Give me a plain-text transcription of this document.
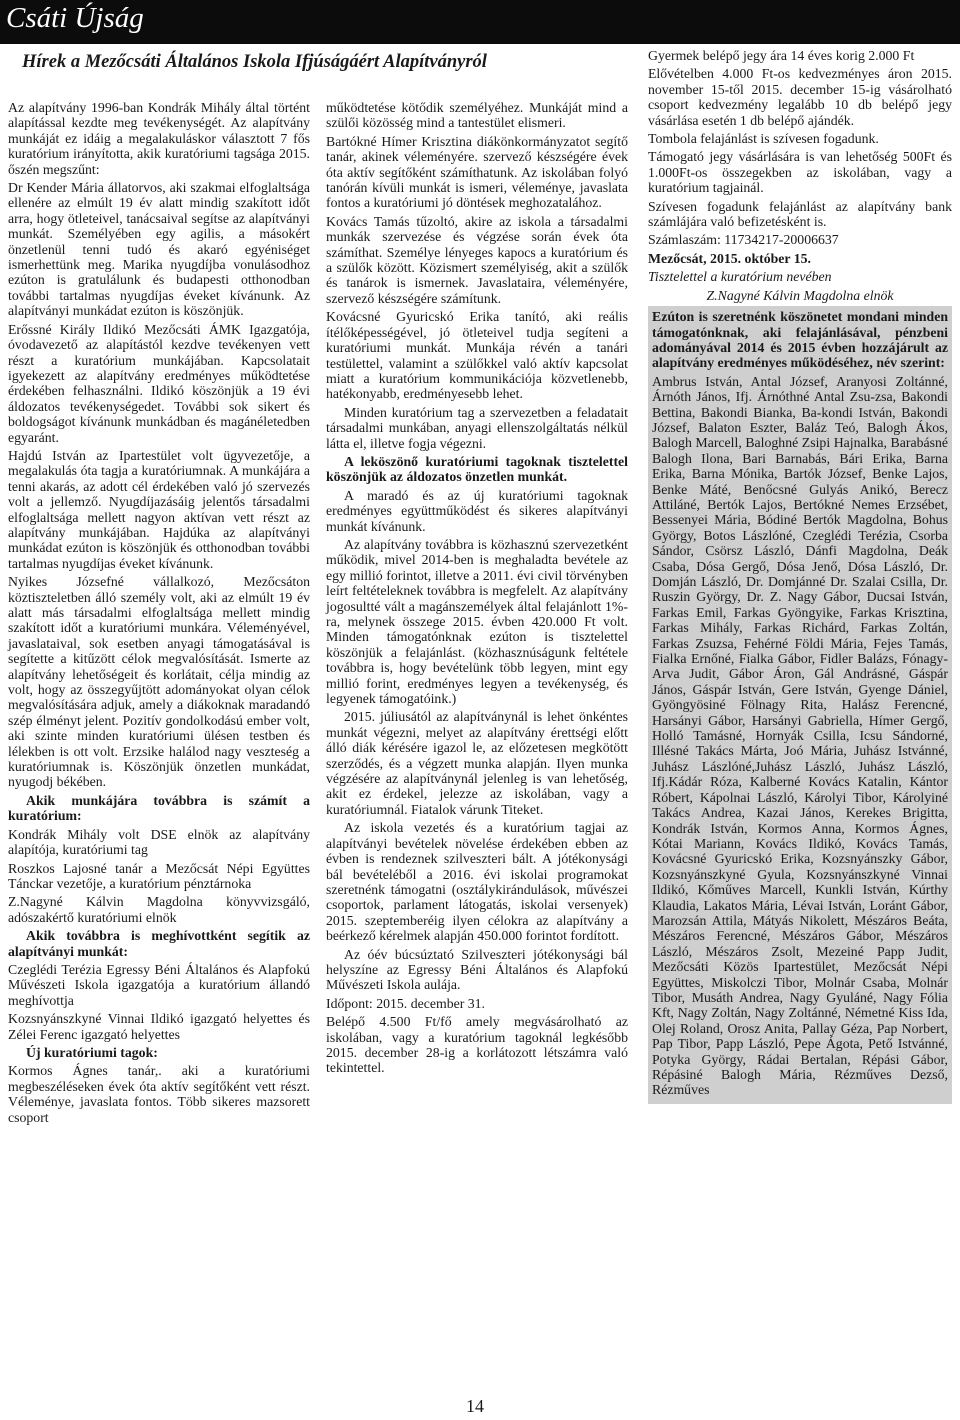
Csáti Újság
Hírek a Mezőcsáti Általános Iskola Ifjúságáért Alapítványról

Az alapítvány 1996-ban Kondrák Mihály által történt alapítással kezdte meg tevékenységét. Az alapítvány munkáját ez idáig a megalakuláskor választott 7 fős kuratórium irányította, akik kuratóriumi tagsága 2015. őszén megszűnt:

Dr Kender Mária állatorvos, aki szakmai elfoglaltsága ellenére az elmúlt 19 év alatt mindig szakított időt arra, hogy ötleteivel, tanácsaival segítse az alapítványi munkát. Személyében egy agilis, a másokért önzetlenül tenni tudó és akaró egyéniséget ismerhettünk meg. Marika nyugdíjba vonulásodhoz ezúton is gratulálunk és budapesti otthonodban további tartalmas nyugdíjas éveket kívánunk. Az alapítványi munkádat ezúton is köszönjük.

Erőssné Király Ildikó Mezőcsáti ÁMK Igazgatója, óvodavezető az alapítástól kezdve tevékenyen vett részt a kuratórium munkájában. Kapcsolatait igyekezett az alapítvány eredményes működtetése érdekében felhasználni. Ildikó köszönjük a 19 évi áldozatos tevékenységedet. További sok sikert és boldogságot kívánunk munkádban és magánéletedben egyaránt.

Hajdú István az Ipartestület volt ügyvezetője, a megalakulás óta tagja a kuratóriumnak. A munkájára a tenni akarás, az adott cél érdekében való jó szervezés volt a jellemző. Nyugdíjazásáig jelentős társadalmi elfoglaltsága mellett nagyon aktívan vett részt az alapítvány munkájában. Hajdúka az alapítványi munkádat ezúton is köszönjük és otthonodban további tartalmas nyugdíjas éveket kívánunk.

Nyikes Józsefné vállalkozó, Mezőcsáton köztiszteletben álló személy volt, aki az elmúlt 19 év alatt más társadalmi elfoglaltsága mellett mindig szakított időt a kuratóriumi munkára. Véleményével, javaslataival, sok esetben anyagi támogatásával is segítette a kitűzött célok megvalósítását. Ismerte az alapítvány lehetőségeit és korlátait, célja mindig az volt, hogy az összegyűjtött adományokat olyan célok megvalósítására adjuk, amely a diákoknak maradandó szép élményt jelent. Pozitív gondolkodású ember volt, aki szinte minden kuratóriumi ülésen testben és lélekben is ott volt. Erzsike halálod nagy veszteség a kuratóriumnak is. Köszönjük önzetlen munkádat, nyugodj békében.

Akik munkájára továbbra is számít a kuratórium:

Kondrák Mihály volt DSE elnök az alapítvány alapítója, kuratóriumi tag

Roszkos Lajosné tanár a Mezőcsát Népi Együttes Tánckar vezetője, a kuratórium pénztárnoka

Z.Nagyné Kálvin Magdolna könyvvizsgáló, adószakértő kuratóriumi elnök

Akik továbbra is meghívottként segítik az alapítványi munkát:

Czeglédi Terézia Egressy Béni Általános és Alapfokú Művészeti Iskola igazgatója a kuratórium állandó meghívottja

Kozsnyánszkyné Vinnai Ildikó igazgató helyettes és Zélei Ferenc igazgató helyettes

Új kuratóriumi tagok:

Kormos Ágnes tanár,. aki a kuratóriumi megbeszéléseken évek óta aktív segítőként vett részt. Véleménye, javaslata fontos. Több sikeres mazsorett csoport

működtetése kötődik személyéhez. Munkáját mind a szülői közösség mind a tantestület elismeri.

Bartókné Hímer Krisztina diákönkormányzatot segítő tanár, akinek véleményére. szervező készségére évek óta aktív segítőként számíthatunk. Az iskolában folyó tanórán kívüli munkát is ismeri, véleménye, javaslata fontos a kuratóriumi jó döntések meghozatalához.

Kovács Tamás tűzoltó, akire az iskola a társadalmi munkák szervezése és végzése során évek óta számíthat. Személye lényeges kapocs a kuratórium és a szülők között. Közismert személyiség, akit a szülők és tanárok is ismernek. Javaslataira, véleményére, szervező készségére számítunk.

Kovácsné Gyuricskó Erika tanító, aki reális ítélőképességével, jó ötleteivel tudja segíteni a kuratóriumi munkát. Munkája révén a tanári testülettel, valamint a szülőkkel való aktív kapcsolat miatt a kuratórium kommunikációja közvetlenebb, hatékonyabb, eredményesebb lehet.

Minden kuratórium tag a szervezetben a feladatait társadalmi munkában, anyagi ellenszolgáltatás nélkül látta el, illetve fogja végezni.

A leköszönő kuratóriumi tagoknak tisztelettel köszönjük az áldozatos önzetlen munkát.

A maradó és az új kuratóriumi tagoknak eredményes együttműködést és sikeres alapítványi munkát kívánunk.

Az alapítvány továbbra is közhasznú szervezetként működik, mivel 2014-ben is meghaladta bevétele az egy millió forintot, illetve a 2011. évi civil törvényben leírt feltételeknek továbbra is megfelelt. Az alapítvány jogosultté vált a magánszemélyek által felajánlott 1%-ra, melynek összege 2015. évben 420.000 Ft volt. Minden támogatónknak ezúton is tisztelettel köszönjük a felajánlást. (közhasznúságunk feltétele továbbra is, hogy bevételünk több legyen, mint egy millió forint, eredményes legyen a tevékenység, és legyenek támogatóink.)

2015. júliusától az alapítványnál is lehet önkéntes munkát végezni, melyet az alapítvány érettségi előtt álló diák kérésére igazol le, az előzetesen megkötött szerződés, és a végzett munka alapján. Ilyen munka végzésére az alapítványnál jelenleg is van lehetőség, akit ez érdekel, jelezze az iskolában, vagy a kuratóriumnál. Fiatalok várunk Titeket.

Az iskola vezetés és a kuratórium tagjai az alapítványi bevételek növelése érdekében ebben az évben is rendeznek szilveszteri bált. A jótékonysági bál bevételéből a 2016. évi iskolai programokat szeretnénk támogatni (osztálykirándulások, művészei csoportok, parlament látogatás, iskolai versenyek) 2015. szeptemberéig ilyen célokra az alapítvány a beérkező kérelmek alapján 450.000 forintot fordított.

Az óév búcsúztató Szilveszteri jótékonysági bál helyszíne az Egressy Béni Általános és Alapfokú Művészeti Iskola aulája.

Időpont: 2015. december 31.

Belépő 4.500 Ft/fő amely megvásárolható az iskolában, vagy a kuratórium tagoknál legkésőbb 2015. december 28-ig a korlátozott létszámra való tekintettel.

Gyermek belépő jegy ára 14 éves korig 2.000 Ft

Elővételben 4.000 Ft-os kedvezményes áron 2015. november 15-től 2015. december 15-ig vásárolható csoport kedvezmény legalább 10 db belépő jegy vásárlása esetén 1 db belépő ajándék.

Tombola felajánlást is szívesen fogadunk.

Támogató jegy vásárlására is van lehetőség 500Ft és 1.000Ft-os összegekben az iskolában, vagy a kuratórium tagjainál.

Szívesen fogadunk felajánlást az alapítvány bank számlájára való befizetésként is.

Számlaszám: 11734217-20006637

Mezőcsát, 2015. október 15.

Tisztelettel a kuratórium nevében

Z.Nagyné Kálvin Magdolna elnök

Ezúton is szeretnénk köszönetet mondani minden támogatónknak, aki felajánlásával, pénzbeni adományával 2014 és 2015 évben hozzájárult az alapítvány eredményes működéséhez, név szerint:

Ambrus István, Antal József, Aranyosi Zoltánné, Árnóth János, Ifj. Árnóthné Antal Zsu-zsa, Bakondi Bettina, Bakondi Bianka, Ba-kondi István, Bakondi József, Balaton Eszter, Baláz Teó, Balogh Ákos, Balogh Marcell, Baloghné Zsipi Hajnalka, Barabásné Balogh Ilona, Bari Barnabás, Bári Erika, Barna Erika, Barna Mónika, Bartók József, Benke Lajos, Benke Máté, Benőcsné Gulyás Anikó, Berecz Attiláné, Bertók Lajos, Bertókné Nemes Erzsébet, Bessenyei Mária, Bódiné Bertók Magdolna, Bohus György, Botos Lászlóné, Czeglédi Terézia, Csorba Sándor, Csörsz László, Dánfi Magdolna, Deák Csaba, Dósa Gergő, Dósa Jenő, Dósa László, Dr. Domján László, Dr. Domjánné Dr. Szalai Csilla, Dr. Ruszin György, Dr. Z. Nagy Gábor, Ducsai István, Farkas Emil, Farkas Gyöngyike, Farkas Krisztina, Farkas Mihály, Farkas Richárd, Farkas Zoltán, Farkas Zsuzsa, Fehérné Földi Mária, Fejes Tamás, Fialka Ernőné, Fialka Gábor, Fidler Balázs, Fónagy-Arva Judit, Gábor Áron, Gál Andrásné, Gáspár János, Gáspár István, Gere István, Gyenge Dániel, Gyöngyösiné Fölnagy Rita, Halász Ferencné, Harsányi Gábor, Harsányi Gabriella, Hímer Gergő, Holló Tamásné, Hornyák Csilla, Icsu Sándorné, Illésné Takács Márta, Joó Mária, Juhász Istvánné, Juhász Lászlóné,Juhász László, Juhász László, Ifj.Kádár Róza, Kalberné Kovács Katalin, Kántor Róbert, Kápolnai László, Károlyi Tibor, Károlyiné Takács Andrea, Kazai János, Kerekes Brigitta, Kondrák István, Kormos Anna, Kormos Ágnes, Kótai Mariann, Kovács Ildikó, Kovács Tamás, Kovácsné Gyuricskó Erika, Kozsnyánszky Gábor, Kozsnyánszkyné Gyula, Kozsnyánszkyné Vinnai Ildikó, Kőműves Marcell, Kunkli István, Kúrthy Klaudia, Lakatos Mária, Lévai István, Loránt Gábor, Marozsán Attila, Mátyás Nikolett, Mészáros Beáta, Mészáros Ferencné, Mészáros Gábor, Mészáros László, Mészáros Zsolt, Mezeiné Papp Judit, Mezőcsáti Közös Ipartestület, Mezőcsát Népi Együttes, Miskolczi Tibor, Molnár Csaba, Molnár Tibor, Musáth Andrea, Nagy Gyuláné, Nagy Fólia Kft, Nagy Zoltán, Nagy Zoltánné, Németné Kiss Ida, Olej Roland, Orosz Anita, Pallay Géza, Pap Norbert, Pap Tibor, Papp László, Pepe Ágota, Pető Istvánné, Potyka György, Rádai Bertalan, Répási Gábor, Répásiné Balogh Mária, Rézműves Dezső, Rézműves

14
